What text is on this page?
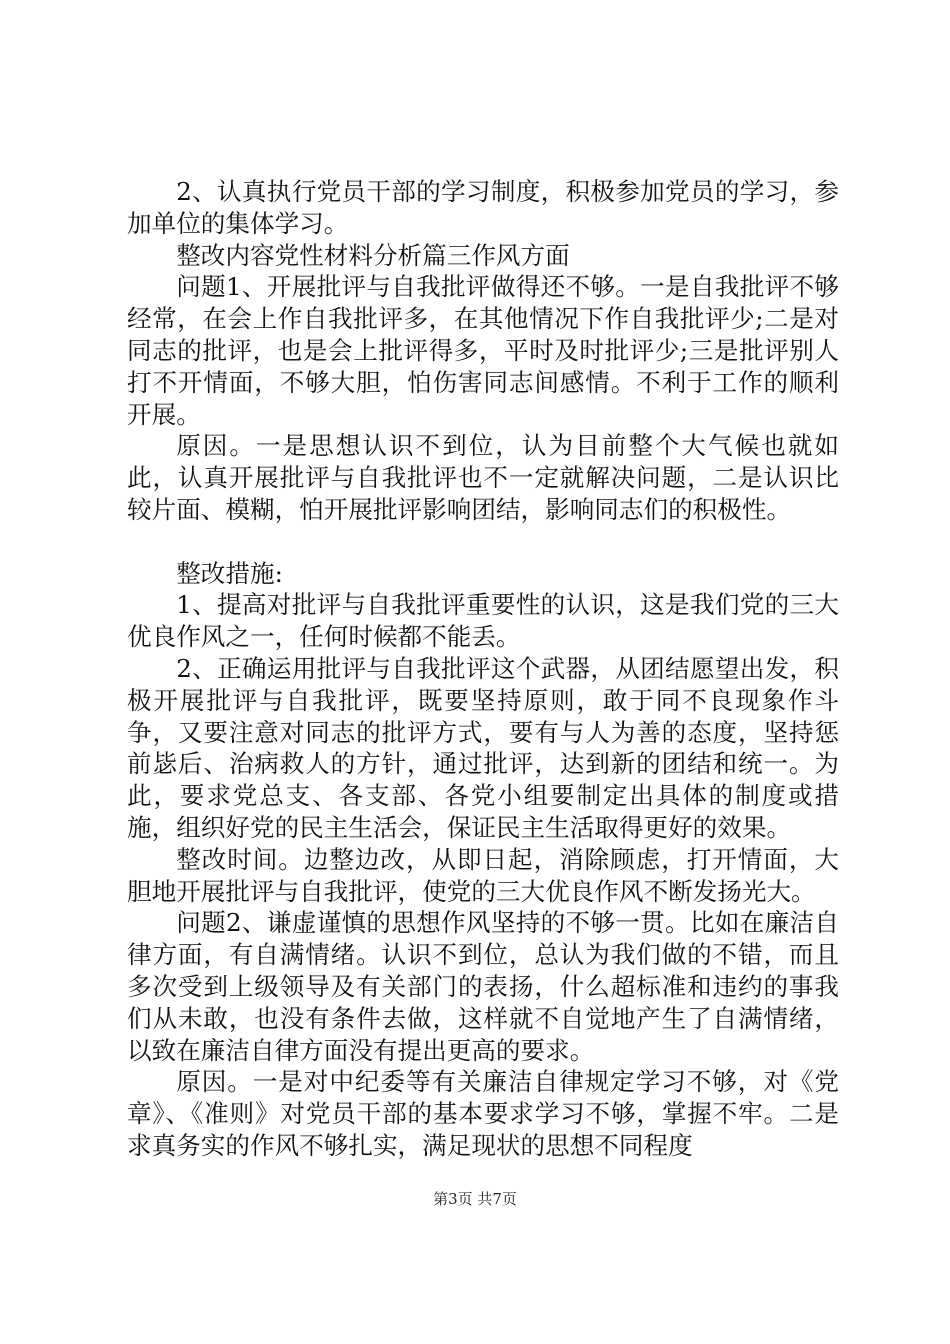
2、认真执行党员干部的学习制度，积极参加党员的学习，参加单位的集体学习。

整改内容党性材料分析篇三作风方面

问题1、开展批评与自我批评做得还不够。一是自我批评不够经常，在会上作自我批评多，在其他情况下作自我批评少;二是对同志的批评，也是会上批评得多，平时及时批评少;三是批评别人打不开情面，不够大胆，怕伤害同志间感情。不利于工作的顺利开展。

原因。一是思想认识不到位，认为目前整个大气候也就如此，认真开展批评与自我批评也不一定就解决问题，二是认识比较片面、模糊，怕开展批评影响团结，影响同志们的积极性。

整改措施:

1、提高对批评与自我批评重要性的认识，这是我们党的三大优良作风之一，任何时候都不能丢。

2、正确运用批评与自我批评这个武器，从团结愿望出发，积极开展批评与自我批评，既要坚持原则，敢于同不良现象作斗争，又要注意对同志的批评方式，要有与人为善的态度，坚持惩前毖后、治病救人的方针，通过批评，达到新的团结和统一。为此，要求党总支、各支部、各党小组要制定出具体的制度或措施，组织好党的民主生活会，保证民主生活取得更好的效果。

整改时间。边整边改，从即日起，消除顾虑，打开情面，大胆地开展批评与自我批评，使党的三大优良作风不断发扬光大。

问题2、谦虚谨慎的思想作风坚持的不够一贯。比如在廉洁自律方面，有自满情绪。认识不到位，总认为我们做的不错，而且多次受到上级领导及有关部门的表扬，什么超标准和违约的事我们从未敢，也没有条件去做，这样就不自觉地产生了自满情绪，以致在廉洁自律方面没有提出更高的要求。

原因。一是对中纪委等有关廉洁自律规定学习不够，对《党章》、《准则》对党员干部的基本要求学习不够，掌握不牢。二是求真务实的作风不够扎实，满足现状的思想不同程度

第3页 共7页
